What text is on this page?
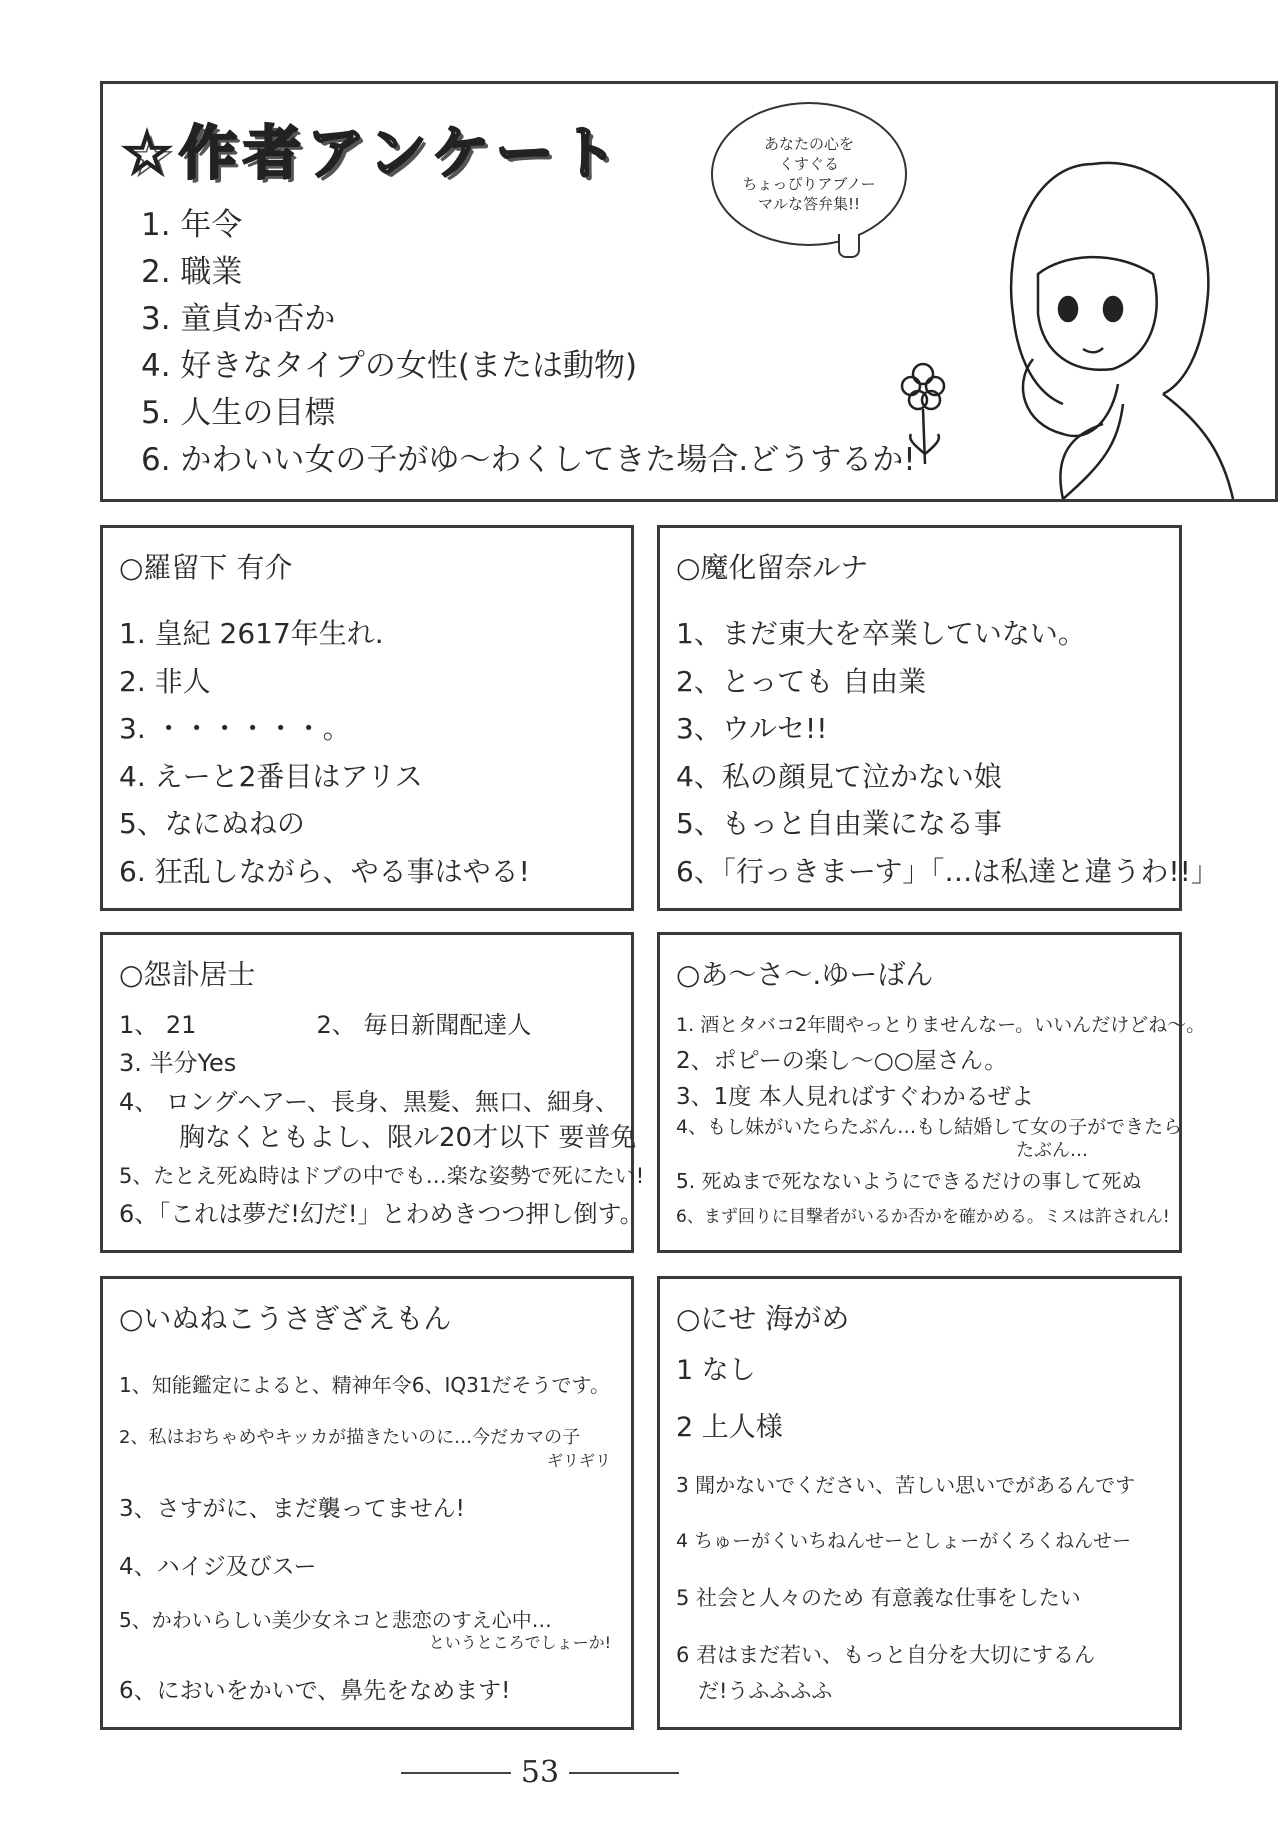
☆作者アンケート
1. 年令
2. 職業
3. 童貞か否か
4. 好きなタイプの女性(または動物)
5. 人生の目標
6. かわいい女の子がゆ〜わくしてきた場合.どうするか!
あなたの心を
くすぐる
ちょっぴりアブノー
マルな答弁集!!
○羅留下 有介
1. 皇紀 2617年生れ.
2. 非人
3. ・・・・・・。
4. えーと2番目はアリス
5、なにぬねの
6. 狂乱しながら、やる事はやる!
○魔化留奈ルナ
1、まだ東大を卒業していない。
2、とっても 自由業
3、ウルセ!!
4、私の顔見て泣かない娘
5、もっと自由業になる事
6、「行っきまーす」「…は私達と違うわ!!」
○怨訃居士
1、 21	2、 毎日新聞配達人
3. 半分Yes
4、 ロングヘアー、長身、黒髪、無口、細身、
胸なくともよし、限ル20才以下 要普免
5、たとえ死ぬ時はドブの中でも…楽な姿勢で死にたい!
6、「これは夢だ!幻だ!」とわめきつつ押し倒す。
○あ〜さ〜.ゆーばん
1. 酒とタバコ2年間やっとりませんなー。いいんだけどね〜。
2、ポピーの楽し〜○○屋さん。
3、1度 本人見ればすぐわかるぜよ
4、もし妹がいたらたぶん…もし結婚して女の子ができたら
たぶん…
5. 死ぬまで死なないようにできるだけの事して死ぬ
6、まず回りに目撃者がいるか否かを確かめる。ミスは許されん!
○いぬねこうさぎざえもん
1、知能鑑定によると、精神年令6、IQ31だそうです。
2、私はおちゃめやキッカが描きたいのに…今だカマの子
ギリギリ
3、さすがに、まだ襲ってません!
4、ハイジ及びスー
5、かわいらしい美少女ネコと悲恋のすえ心中…
というところでしょーか!
6、においをかいで、鼻先をなめます!
○にせ 海がめ
1 なし
2 上人様
3 聞かないでください、苦しい思いでがあるんです
4 ちゅーがくいちねんせーとしょーがくろくねんせー
5 社会と人々のため 有意義な仕事をしたい
6 君はまだ若い、もっと自分を大切にするん
だ!うふふふふ
53
